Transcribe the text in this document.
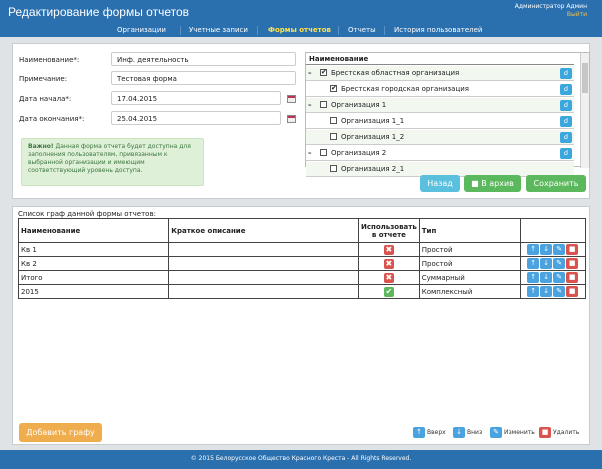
Редактирование формы отчетов	Администратор Админ
Выйти
Организации	Учетные записи	Формы отчетов Отчеты	История пользователей
Наименование*:	Инф. деятельность
Примечание:	Тестовая форма
Дата начала*:	17.04.2015
Дата окончания*:	25.04.2015
Важно! Данная форма отчета будет доступна для заполнения пользователям, привязанным к выбранной организации и имеющим соответствующий уровень доступа.
Наименование
– ✔ Брестская областная организация	☌
✔ Брестская городская организация	☌
–	Организация 1	☌
Организация 1_1	☌
Организация 1_2	☌
–	Организация 2	☌
Организация 2_1
Назад	■ В архив	Сохранить
Список граф данной формы отчетов:
Наименование	Краткое описание	Использовать в отчете	Тип	
Кв 1		✖	Простой	↑ ↓ ✎ ■
Кв 2		✖	Простой	↑ ↓ ✎ ■
Итого		✖	Суммарный	↑ ↓ ✎ ■
2015		✔	Комплексный	↑ ↓ ✎ ■
Добавить графу	↑ Вверх	↓ Вниз	✎ Изменить ■ Удалить
© 2015 Белорусское Общество Красного Креста - All Rights Reserved.
